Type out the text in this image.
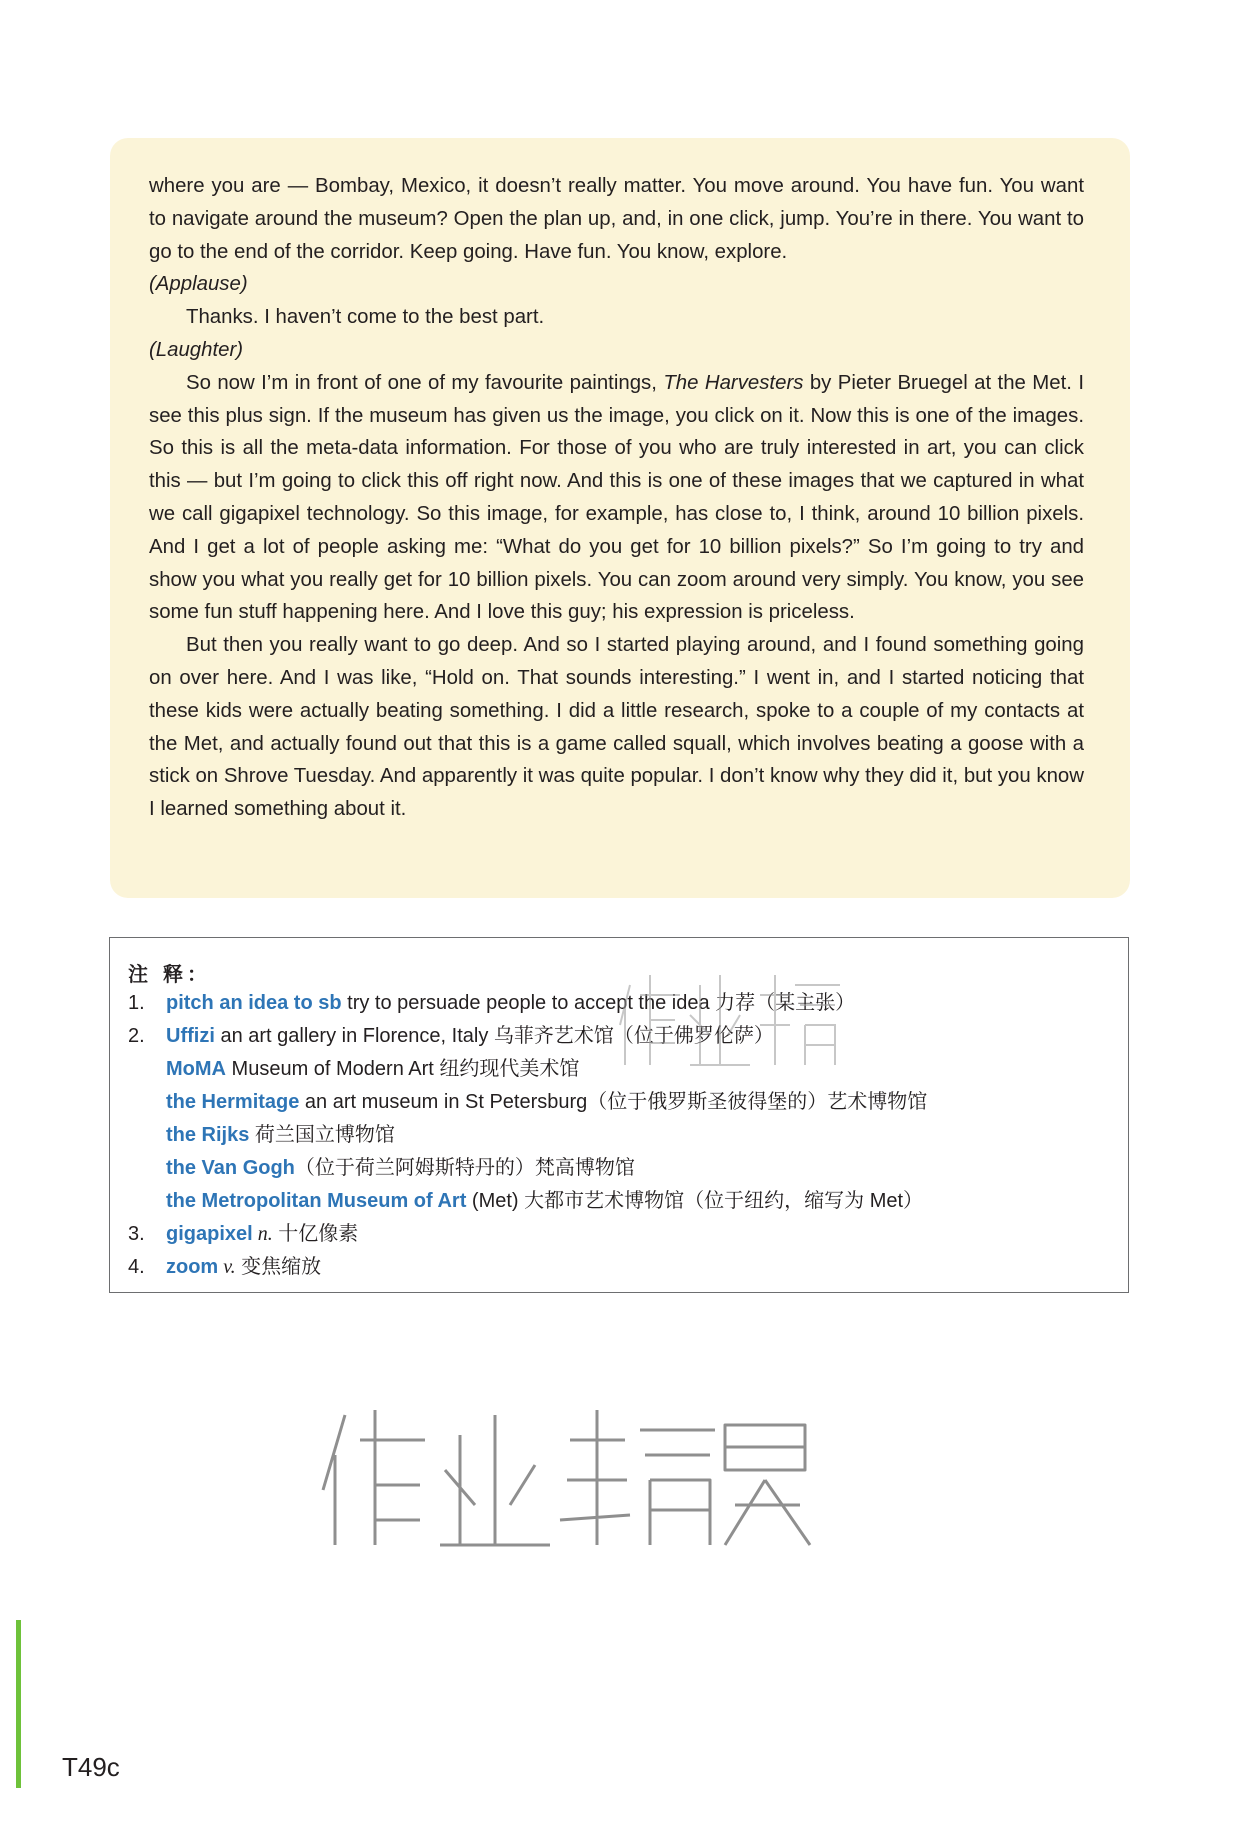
where you are — Bombay, Mexico, it doesn’t really matter. You move around. You have fun. You want to navigate around the museum? Open the plan up, and, in one click, jump. You’re in there. You want to go to the end of the corridor. Keep going. Have fun. You know, explore.

(Applause)

Thanks. I haven’t come to the best part.

(Laughter)

So now I’m in front of one of my favourite paintings, The Harvesters by Pieter Bruegel at the Met. I see this plus sign. If the museum has given us the image, you click on it. Now this is one of the images. So this is all the meta-data information. For those of you who are truly interested in art, you can click this — but I’m going to click this off right now. And this is one of these images that we captured in what we call gigapixel technology. So this image, for example, has close to, I think, around 10 billion pixels. And I get a lot of people asking me: “What do you get for 10 billion pixels?” So I’m going to try and show you what you really get for 10 billion pixels. You can zoom around very simply. You know, you see some fun stuff happening here. And I love this guy; his expression is priceless.

But then you really want to go deep. And so I started playing around, and I found something going on over here. And I was like, “Hold on. That sounds interesting.” I went in, and I started noticing that these kids were actually beating something. I did a little research, spoke to a couple of my contacts at the Met, and actually found out that this is a game called squall, which involves beating a goose with a stick on Shrove Tuesday. And apparently it was quite popular. I don’t know why they did it, but you know I learned something about it.

注 释：
1. pitch an idea to sb try to persuade people to accept the idea 力荐（某主张）
2. Uffizi an art gallery in Florence, Italy 乌菲齐艺术馆（位于佛罗伦萨）
MoMA Museum of Modern Art 纽约现代美术馆
the Hermitage an art museum in St Petersburg（位于俄罗斯圣彼得堡的）艺术博物馆
the Rijks 荷兰国立博物馆
the Van Gogh（位于荷兰阿姆斯特丹的）梵高博物馆
the Metropolitan Museum of Art (Met) 大都市艺术博物馆（位于纽约，缩写为 Met）
3. gigapixel n. 十亿像素
4. zoom v. 变焦缩放
T49c
